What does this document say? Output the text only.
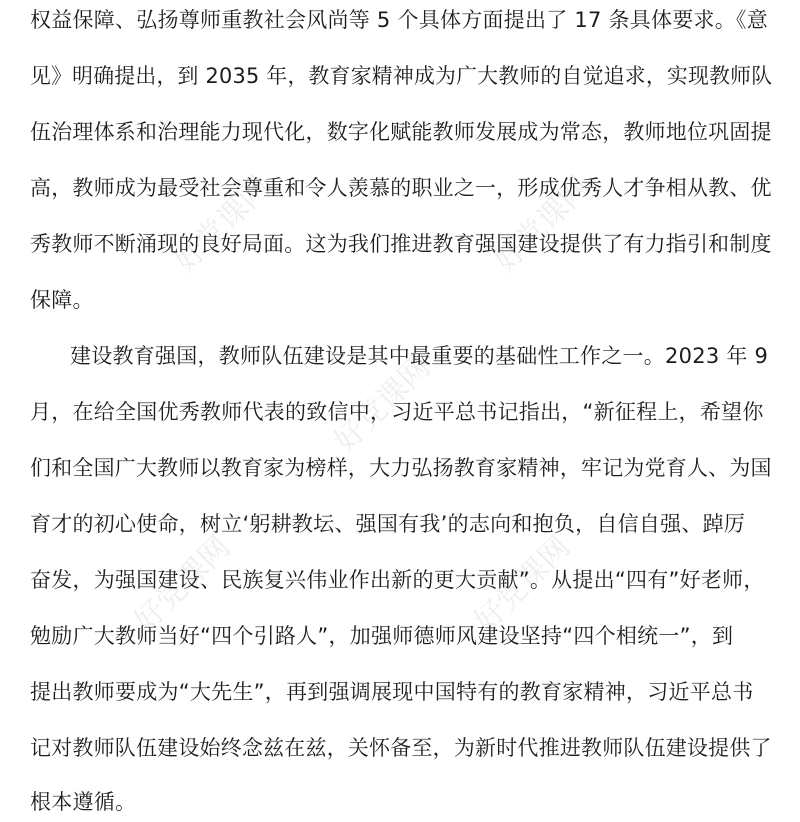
好党课网	好党课网
好党课网
好党课网	好党课网
权益保障、弘扬尊师重教社会风尚等 5 个具体方面提出了 17 条具体要求。《意
见》明确提出，到 2035 年，教育家精神成为广大教师的自觉追求，实现教师队
伍治理体系和治理能力现代化，数字化赋能教师发展成为常态，教师地位巩固提
高，教师成为最受社会尊重和令人羡慕的职业之一，形成优秀人才争相从教、优
秀教师不断涌现的良好局面。这为我们推进教育强国建设提供了有力指引和制度
保障。
建设教育强国，教师队伍建设是其中最重要的基础性工作之一。2023 年 9
月，在给全国优秀教师代表的致信中，习近平总书记指出，“新征程上，希望你
们和全国广大教师以教育家为榜样，大力弘扬教育家精神，牢记为党育人、为国
育才的初心使命，树立‘躬耕教坛、强国有我’的志向和抱负，自信自强、踔厉
奋发，为强国建设、民族复兴伟业作出新的更大贡献”。从提出“四有”好老师，
勉励广大教师当好“四个引路人”，加强师德师风建设坚持“四个相统一”，到
提出教师要成为“大先生”，再到强调展现中国特有的教育家精神，习近平总书
记对教师队伍建设始终念兹在兹，关怀备至，为新时代推进教师队伍建设提供了
根本遵循。
